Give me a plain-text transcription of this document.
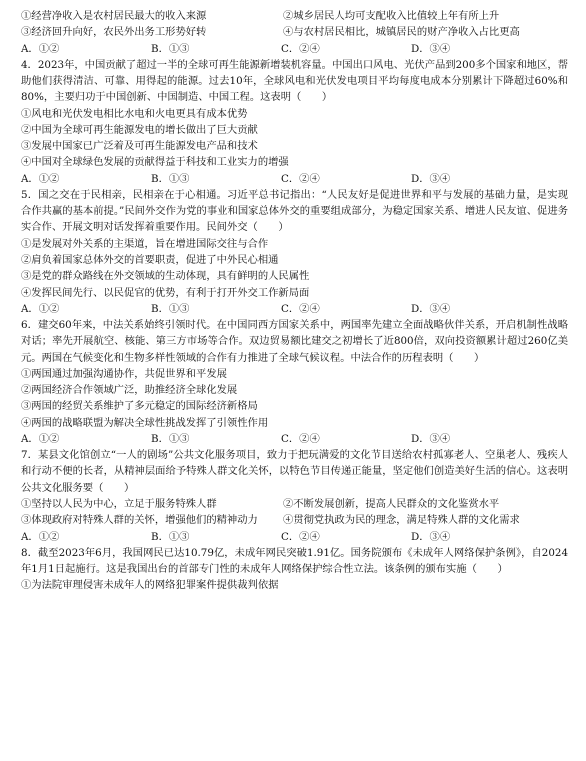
①经营净收入是农村居民最大的收入来源	②城乡居民人均可支配收入比值较上年有所上升
③经济回升向好，农民外出务工形势好转	④与农村居民相比，城镇居民的财产净收入占比更高
A．①②	B．①③	C．②④	D．③④
4．2023年，中国贡献了超过一半的全球可再生能源新增装机容量。中国出口风电、光伏产品到200多个国家和地区，帮助他们获得清洁、可靠、用得起的能源。过去10年，全球风电和光伏发电项目平均每度电成本分别累计下降超过60%和80%，主要归功于中国创新、中国制造、中国工程。这表明（　　）
①风电和光伏发电相比水电和火电更具有成本优势
②中国为全球可再生能源发电的增长做出了巨大贡献
③发展中国家已广泛着及可再生能源发电产品和技术
④中国对全球绿色发展的贡献得益于科技和工业实力的增强
A．①②	B．①③	C．②④	D．③④
5．国之交在于民相亲，民相亲在于心相通。习近平总书记指出：“人民友好是促进世界和平与发展的基础力量，是实现合作共赢的基本前提。”民间外交作为党的事业和国家总体外交的重要组成部分，为稳定国家关系、增进人民友谊、促进务实合作、开展文明对话发挥着重要作用。民间外交（　　）
①是发展对外关系的主渠道，旨在增进国际交往与合作
②肩负着国家总体外交的首要职责，促进了中外民心相通
③是党的群众路线在外交领域的生动体现，具有鲜明的人民属性
④发挥民间先行、以民促官的优势，有利于打开外交工作新局面
A．①②	B．①③	C．②④	D．③④
6．建交60年来，中法关系始终引领时代。在中国同西方国家关系中，两国率先建立全面战略伙伴关系，开启机制性战略对话；率先开展航空、核能、第三方市场等合作。双边贸易额比建交之初增长了近800倍，双向投资额累计超过260亿美元。两国在气候变化和生物多样性领域的合作有力推进了全球气候议程。中法合作的历程表明（　　）
①两国通过加强沟通协作，共促世界和平发展
②两国经济合作领域广泛，助推经济全球化发展
③两国的经贸关系维护了多元稳定的国际经济新格局
④两国的战略联盟为解决全球性挑战发挥了引领性作用
A．①②	B．①③	C．②④	D．③④
7．某县文化馆创立“一人的剧场”公共文化服务项目，致力于把玩满爱的文化节目送给农村孤寡老人、空巢老人、残疾人和行动不便的长者，从精神层面给予特殊人群文化关怀，以特色节目传递正能量，坚定他们创造美好生活的信心。这表明公共文化服务要（　　）
①坚持以人民为中心，立足于服务特殊人群	②不断发展创新，提高人民群众的文化鉴赏水平
③体现政府对特殊人群的关怀，增强他们的精神动力	④贯彻党执政为民的理念，满足特殊人群的文化需求
A．①②	B．①③	C．②④	D．③④
8．截至2023年6月，我国网民已达10.79亿，未成年网民突破1.91亿。国务院颁布《未成年人网络保护条例》，自2024年1月1日起施行。这是我国出台的首部专门性的未成年人网络保护综合性立法。该条例的颁布实施（　　）
①为法院审理侵害未成年人的网络犯罪案件提供裁判依据
